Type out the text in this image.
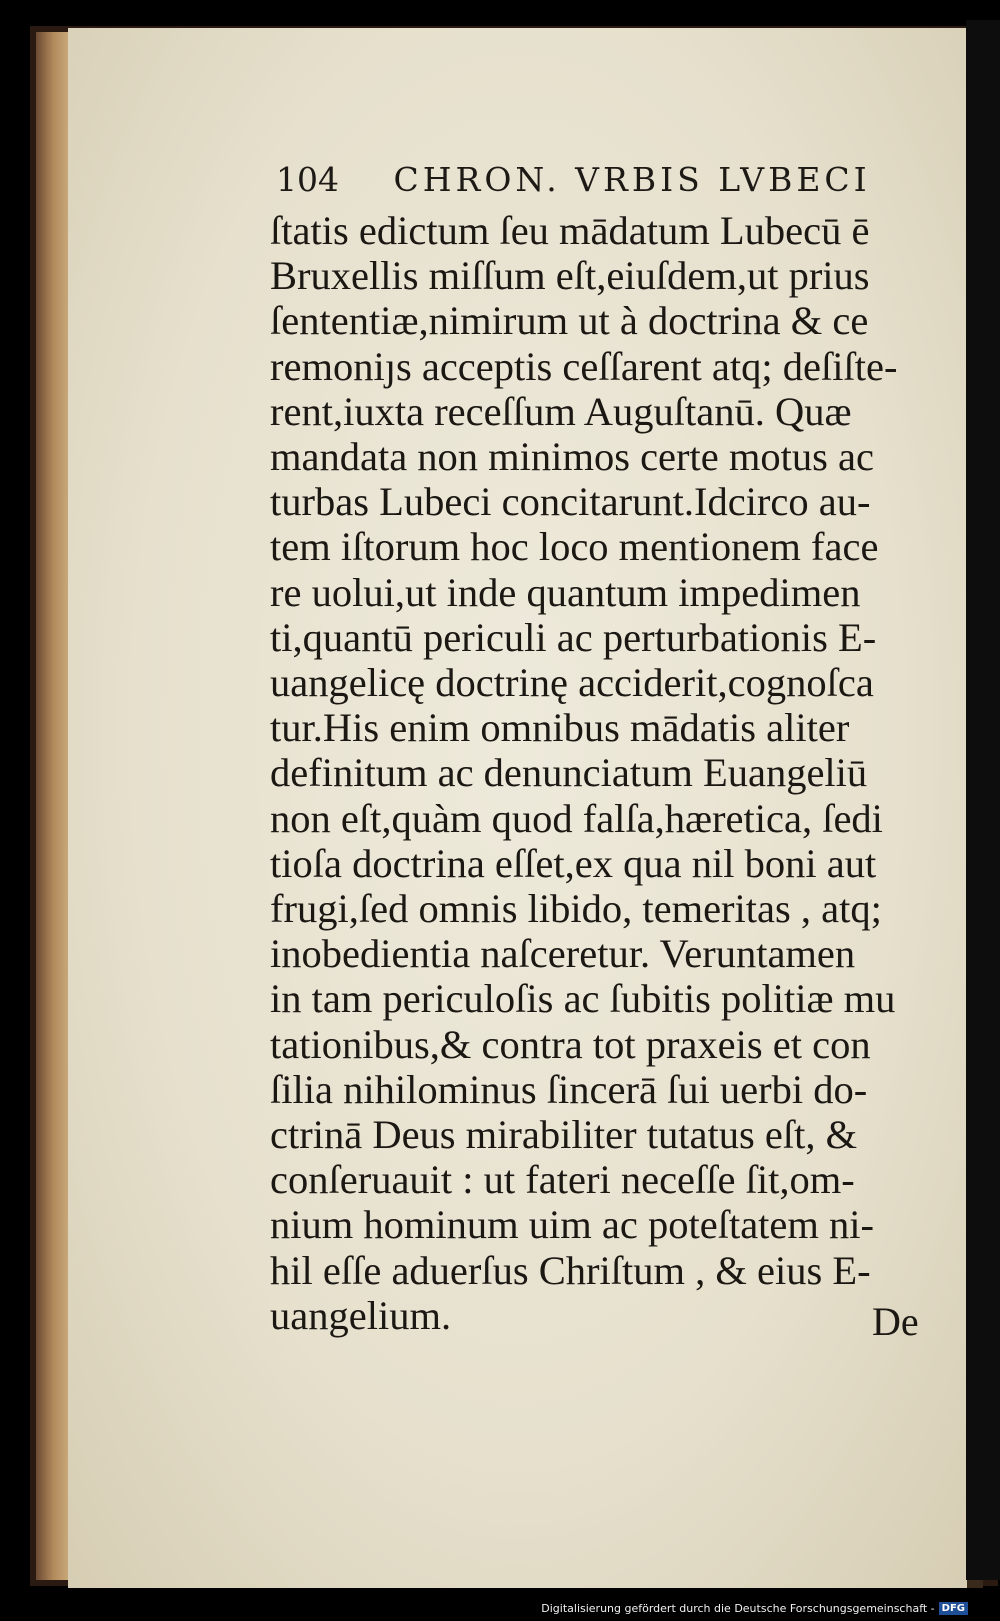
104 CHRON. VRBIS LVBECI
ſtatis edictum ſeu mādatum Lubecū ē
Bruxellis miſſum eſt,eiuſdem,ut prius
ſententiæ,nimirum ut à doctrina & ce
remoniȷs acceptis ceſſarent atq; deſiſte-
rent,iuxta receſſum Auguſtanū. Quæ
mandata non minimos certe motus ac
turbas Lubeci concitarunt.Idcirco au-
tem iſtorum hoc loco mentionem face
re uolui,ut inde quantum impedimen
ti,quantū periculi ac perturbationis E-
uangelicę doctrinę acciderit,cognoſca
tur.His enim omnibus mādatis aliter
definitum ac denunciatum Euangeliū
non eſt,quàm quod falſa,hæretica, ſedi
tioſa doctrina eſſet,ex qua nil boni aut
frugi,ſed omnis libido, temeritas , atq;
inobedientia naſceretur. Veruntamen
in tam periculoſis ac ſubitis politiæ mu
tationibus,& contra tot praxeis et con
ſilia nihilominus ſincerā ſui uerbi do-
ctrinā Deus mirabiliter tutatus eſt, &
conſeruauit : ut fateri neceſſe ſit,om-
nium hominum uim ac poteſtatem ni-
hil eſſe aduerſus Chriſtum , & eius E-
uangelium.	De
Digitalisierung gefördert durch die Deutsche Forschungsgemeinschaft - DFG
